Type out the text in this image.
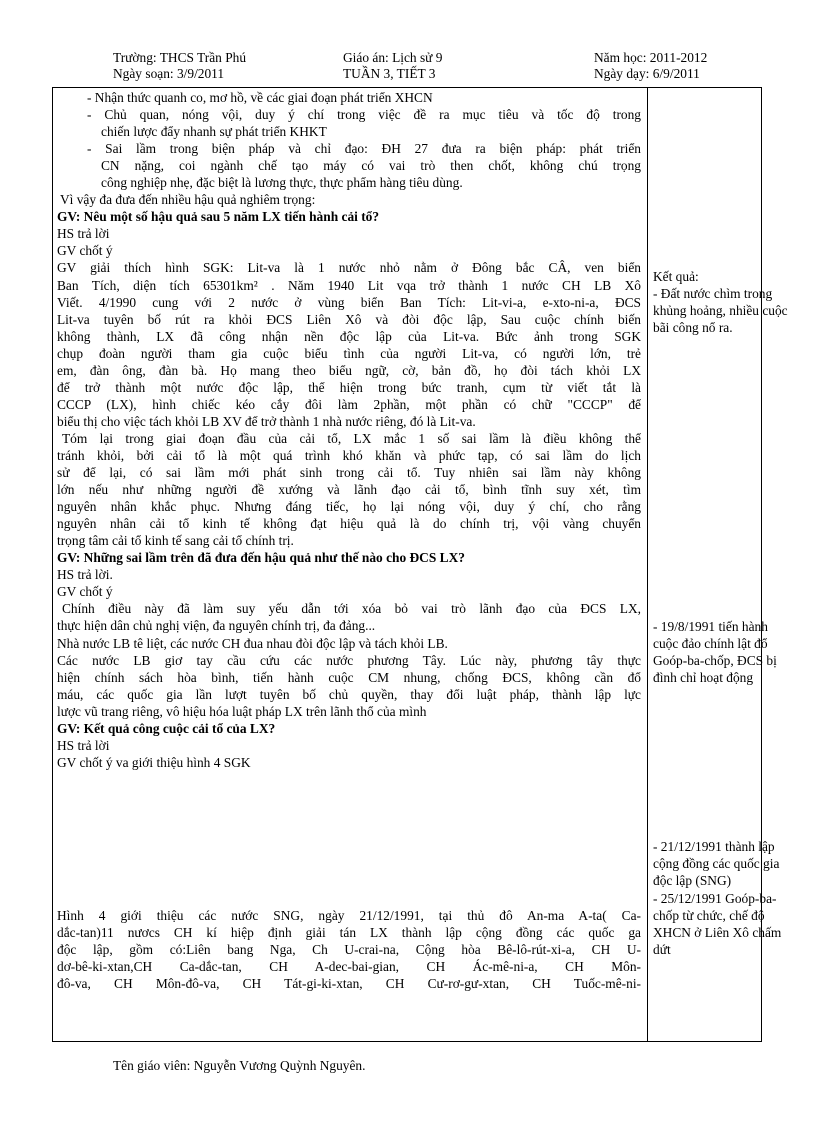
Trường: THCS Trần Phú
Ngày soạn: 3/9/2011
Giáo án: Lịch sử 9
TUẦN 3, TIẾT 3
Năm học: 2011-2012
Ngày dạy: 6/9/2011
- Nhận thức quanh co, mơ hồ, về các giai đoạn phát triển XHCN
- Chủ quan, nóng vội, duy ý chí trong việc đề ra mục tiêu và tốc độ trong
chiến lược đẩy nhanh sự phát triển KHKT
- Sai lầm trong biện pháp và chỉ đạo: ĐH 27 đưa ra biện pháp: phát triển
CN nặng, coi ngành chế tạo máy có vai trò then chốt, không chú trọng
công nghiệp nhẹ, đặc biệt là lương thực, thực phẩm hàng tiêu dùng.
Vì vậy đa đưa đến nhiều hậu quả nghiêm trọng:
GV: Nêu một số hậu quả sau 5 năm LX tiến hành cải tổ?
HS trả lời
GV chốt ý
GV giải thích hình SGK: Lit-va là 1 nước nhỏ nằm ở Đông bắc CÂ, ven biển
Ban Tích, diện tích 65301km² . Năm 1940 Lit vqa trở thành 1 nước CH LB Xô
Viết. 4/1990 cung với 2 nước ở vùng biển Ban Tích: Lit-vi-a, e-xto-ni-a, ĐCS
Lit-va tuyên bố rút ra khỏi ĐCS Liên Xô và đòi độc lập, Sau cuộc chính biến
không thành, LX đã công nhận nền độc lập của Lit-va. Bức ảnh trong SGK
chụp đoàn người tham gia cuộc biểu tình của người Lit-va, có người lớn, trẻ
em, đàn ông, đàn bà. Họ mang theo biểu ngữ, cờ, bản đồ, họ đòi tách khỏi LX
để trở thành một nước độc lập, thể hiện trong bức tranh, cụm từ viết tắt là
CCCP (LX), hình chiếc kéo cắy đôi làm 2phần, một phần có chữ "CCCP" để
biểu thị cho việc tách khỏi LB XV để trở thành 1 nhà nước riêng, đó là Lit-va.
Tóm lại trong giai đoạn đầu của cải tổ, LX mắc 1 số sai lầm là điều không thể
tránh khỏi, bởi cải tổ là một quá trình khó khăn và phức tạp, có sai lầm do lịch
sử để lại, có sai lầm mới phát sinh trong cải tổ. Tuy nhiên sai lầm này không
lớn nếu như những người đề xướng và lãnh đạo cải tổ, bình tĩnh suy xét, tìm
nguyên nhân khắc phục. Nhưng đáng tiếc, họ lại nóng vội, duy ý chí, cho rằng
nguyên nhân cải tổ kinh tế không đạt hiệu quả là do chính trị, vội vàng chuyển
trọng tâm cải tổ kinh tế sang cải tổ chính trị.
GV: Những sai lầm trên đã đưa đến hậu quả như thế nào cho ĐCS LX?
HS trả lời.
GV chốt ý
Chính điều này đã làm suy yếu dẫn tới xóa bỏ vai trò lãnh đạo của ĐCS LX,
thực hiện dân chủ nghị viện, đa nguyên chính trị, đa đảng...
Nhà nước LB tê liệt, các nước CH đua nhau đòi độc lập và tách khỏi LB.
Các nước LB giơ tay cầu cứu các nước phương Tây. Lúc này, phương tây thực
hiện chính sách hòa bình, tiến hành cuộc CM nhung, chống ĐCS, không cần đổ
máu, các quốc gia lần lượt tuyên bố chủ quyền, thay đổi luật pháp, thành lập lực
lược vũ trang riêng, vô hiệu hóa luật pháp LX trên lãnh thổ của mình
GV: Kết quả công cuộc cải tổ của LX?
HS trả lời
GV chốt ý va giới thiệu hình 4 SGK
Hình 4 giới thiệu các nước SNG, ngày 21/12/1991, tại thủ đô An-ma A-ta( Ca-
dắc-tan)11 nươcs CH kí hiệp định giải tán LX thành lập cộng đồng các quốc ga
độc lập, gồm có:Liên bang Nga, Ch U-crai-na, Cộng hòa Bê-lô-rút-xi-a, CH U-
dơ-bê-ki-xtan,CH Ca-dắc-tan, CH A-dec-bai-gian, CH Ác-mê-ni-a, CH Môn-
đô-va, CH Môn-đô-va, CH Tát-gi-ki-xtan, CH Cư-rơ-gư-xtan, CH Tuốc-mê-ni-
Kết quả:
- Đất nước chìm trong
khủng hoảng, nhiều cuộc
bãi công nổ ra.
- 19/8/1991 tiến hành
cuộc đảo chính lật đổ
Goóp-ba-chốp, ĐCS bị
đình chỉ hoạt động
- 21/12/1991 thành lập
cộng đồng các quốc gia
độc lập (SNG)
- 25/12/1991 Goóp-ba-
chốp từ chức, chế độ
XHCN ở Liên Xô chấm
dứt
Tên giáo viên: Nguyễn Vương Quỳnh Nguyên.
